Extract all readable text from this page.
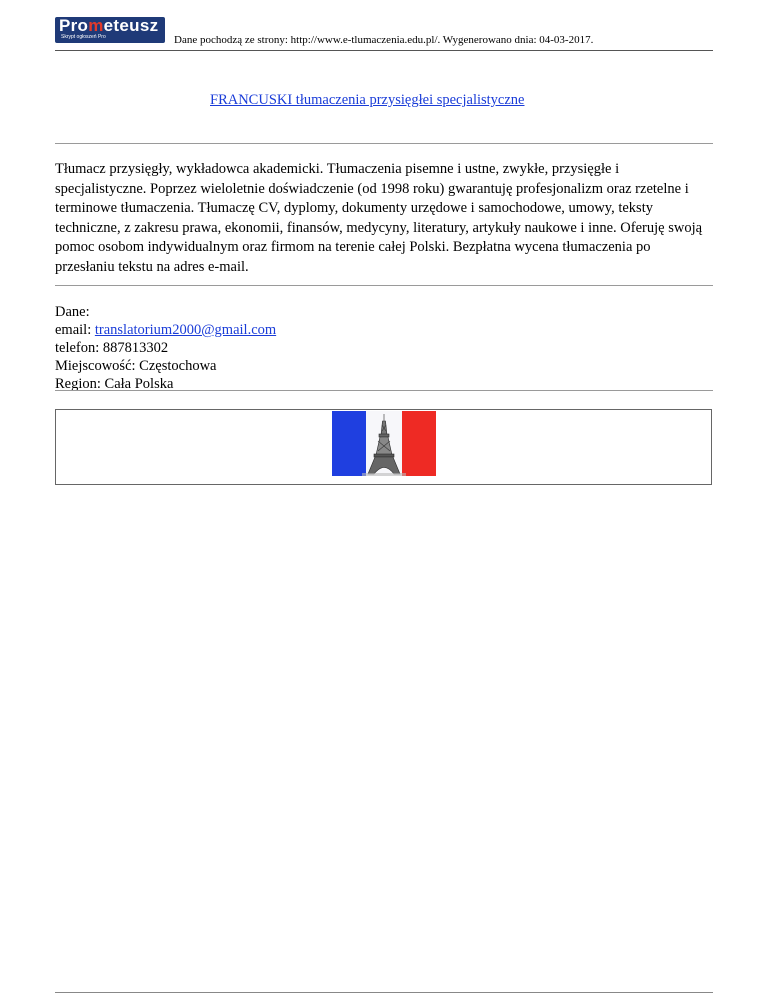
Prometeusz
Skrypt ogłoszeń Pro	Dane pochodzą ze strony: http://www.e-tlumaczenia.edu.pl/. Wygenerowano dnia: 04-03-2017.
FRANCUSKI tłumaczenia przysięgłei specjalistyczne
Tłumacz przysięgły, wykładowca akademicki. Tłumaczenia pisemne i ustne, zwykłe, przysięgłe i specjalistyczne. Poprzez wieloletnie doświadczenie (od 1998 roku) gwarantuję profesjonalizm oraz rzetelne i terminowe tłumaczenia. Tłumaczę CV, dyplomy, dokumenty urzędowe i samochodowe, umowy, teksty techniczne, z zakresu prawa, ekonomii, finansów, medycyny, literatury, artykuły naukowe i inne. Oferuję swoją pomoc osobom indywidualnym oraz firmom na terenie całej Polski. Bezpłatna wycena tłumaczenia po przesłaniu tekstu na adres e-mail.
Dane:
email: translatorium2000@gmail.com
telefon: 887813302
Miejscowość: Częstochowa
Region: Cała Polska
